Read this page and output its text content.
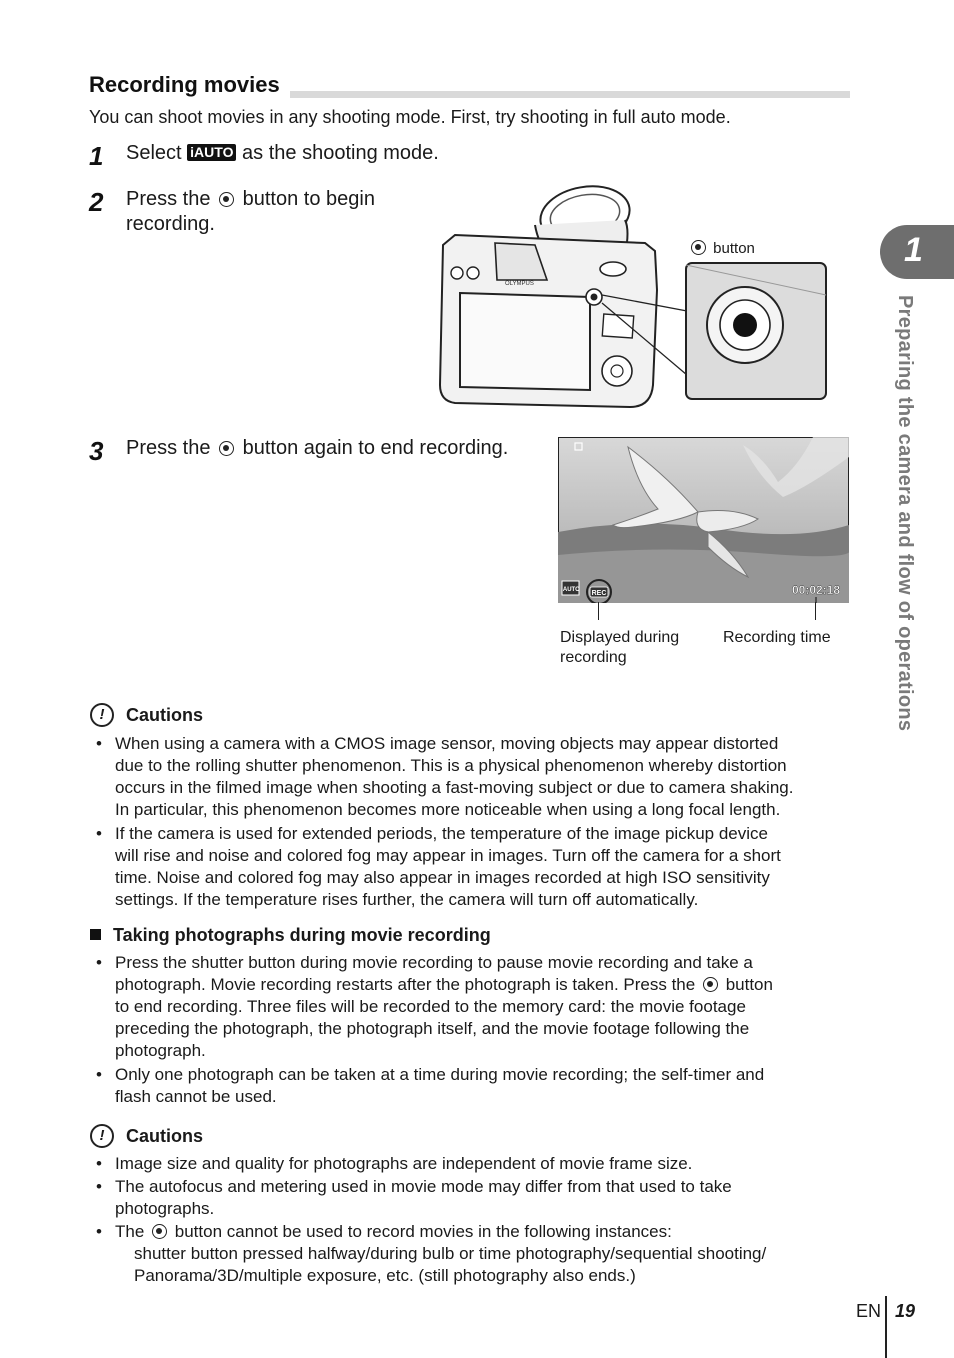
Recording movies
You can shoot movies in any shooting mode. First, try shooting in full auto mode.
1 Select iAUTO as the shooting mode.
2 Press the button to begin
recording.
OLYMPUS
button
3 Press the button again to end recording.
iAUTO REC	00:02:18
Displayed during
recording
Recording time
!	Cautions
• When using a camera with a CMOS image sensor, moving objects may appear distorted
due to the rolling shutter phenomenon. This is a physical phenomenon whereby distortion
occurs in the filmed image when shooting a fast-moving subject or due to camera shaking.
In particular, this phenomenon becomes more noticeable when using a long focal length.
• If the camera is used for extended periods, the temperature of the image pickup device
will rise and noise and colored fog may appear in images. Turn off the camera for a short
time. Noise and colored fog may also appear in images recorded at high ISO sensitivity
settings. If the temperature rises further, the camera will turn off automatically.
Taking photographs during movie recording
• Press the shutter button during movie recording to pause movie recording and take a
photograph. Movie recording restarts after the photograph is taken. Press the button
to end recording. Three files will be recorded to the memory card: the movie footage
preceding the photograph, the photograph itself, and the movie footage following the
photograph.
• Only one photograph can be taken at a time during movie recording; the self-timer and
flash cannot be used.
!	Cautions
• Image size and quality for photographs are independent of movie frame size.
• The autofocus and metering used in movie mode may differ from that used to take
photographs.
• The button cannot be used to record movies in the following instances:
shutter button pressed halfway/during bulb or time photography/sequential shooting/
Panorama/3D/multiple exposure, etc. (still photography also ends.)
1
Preparing the camera and flow of operations
EN 19
